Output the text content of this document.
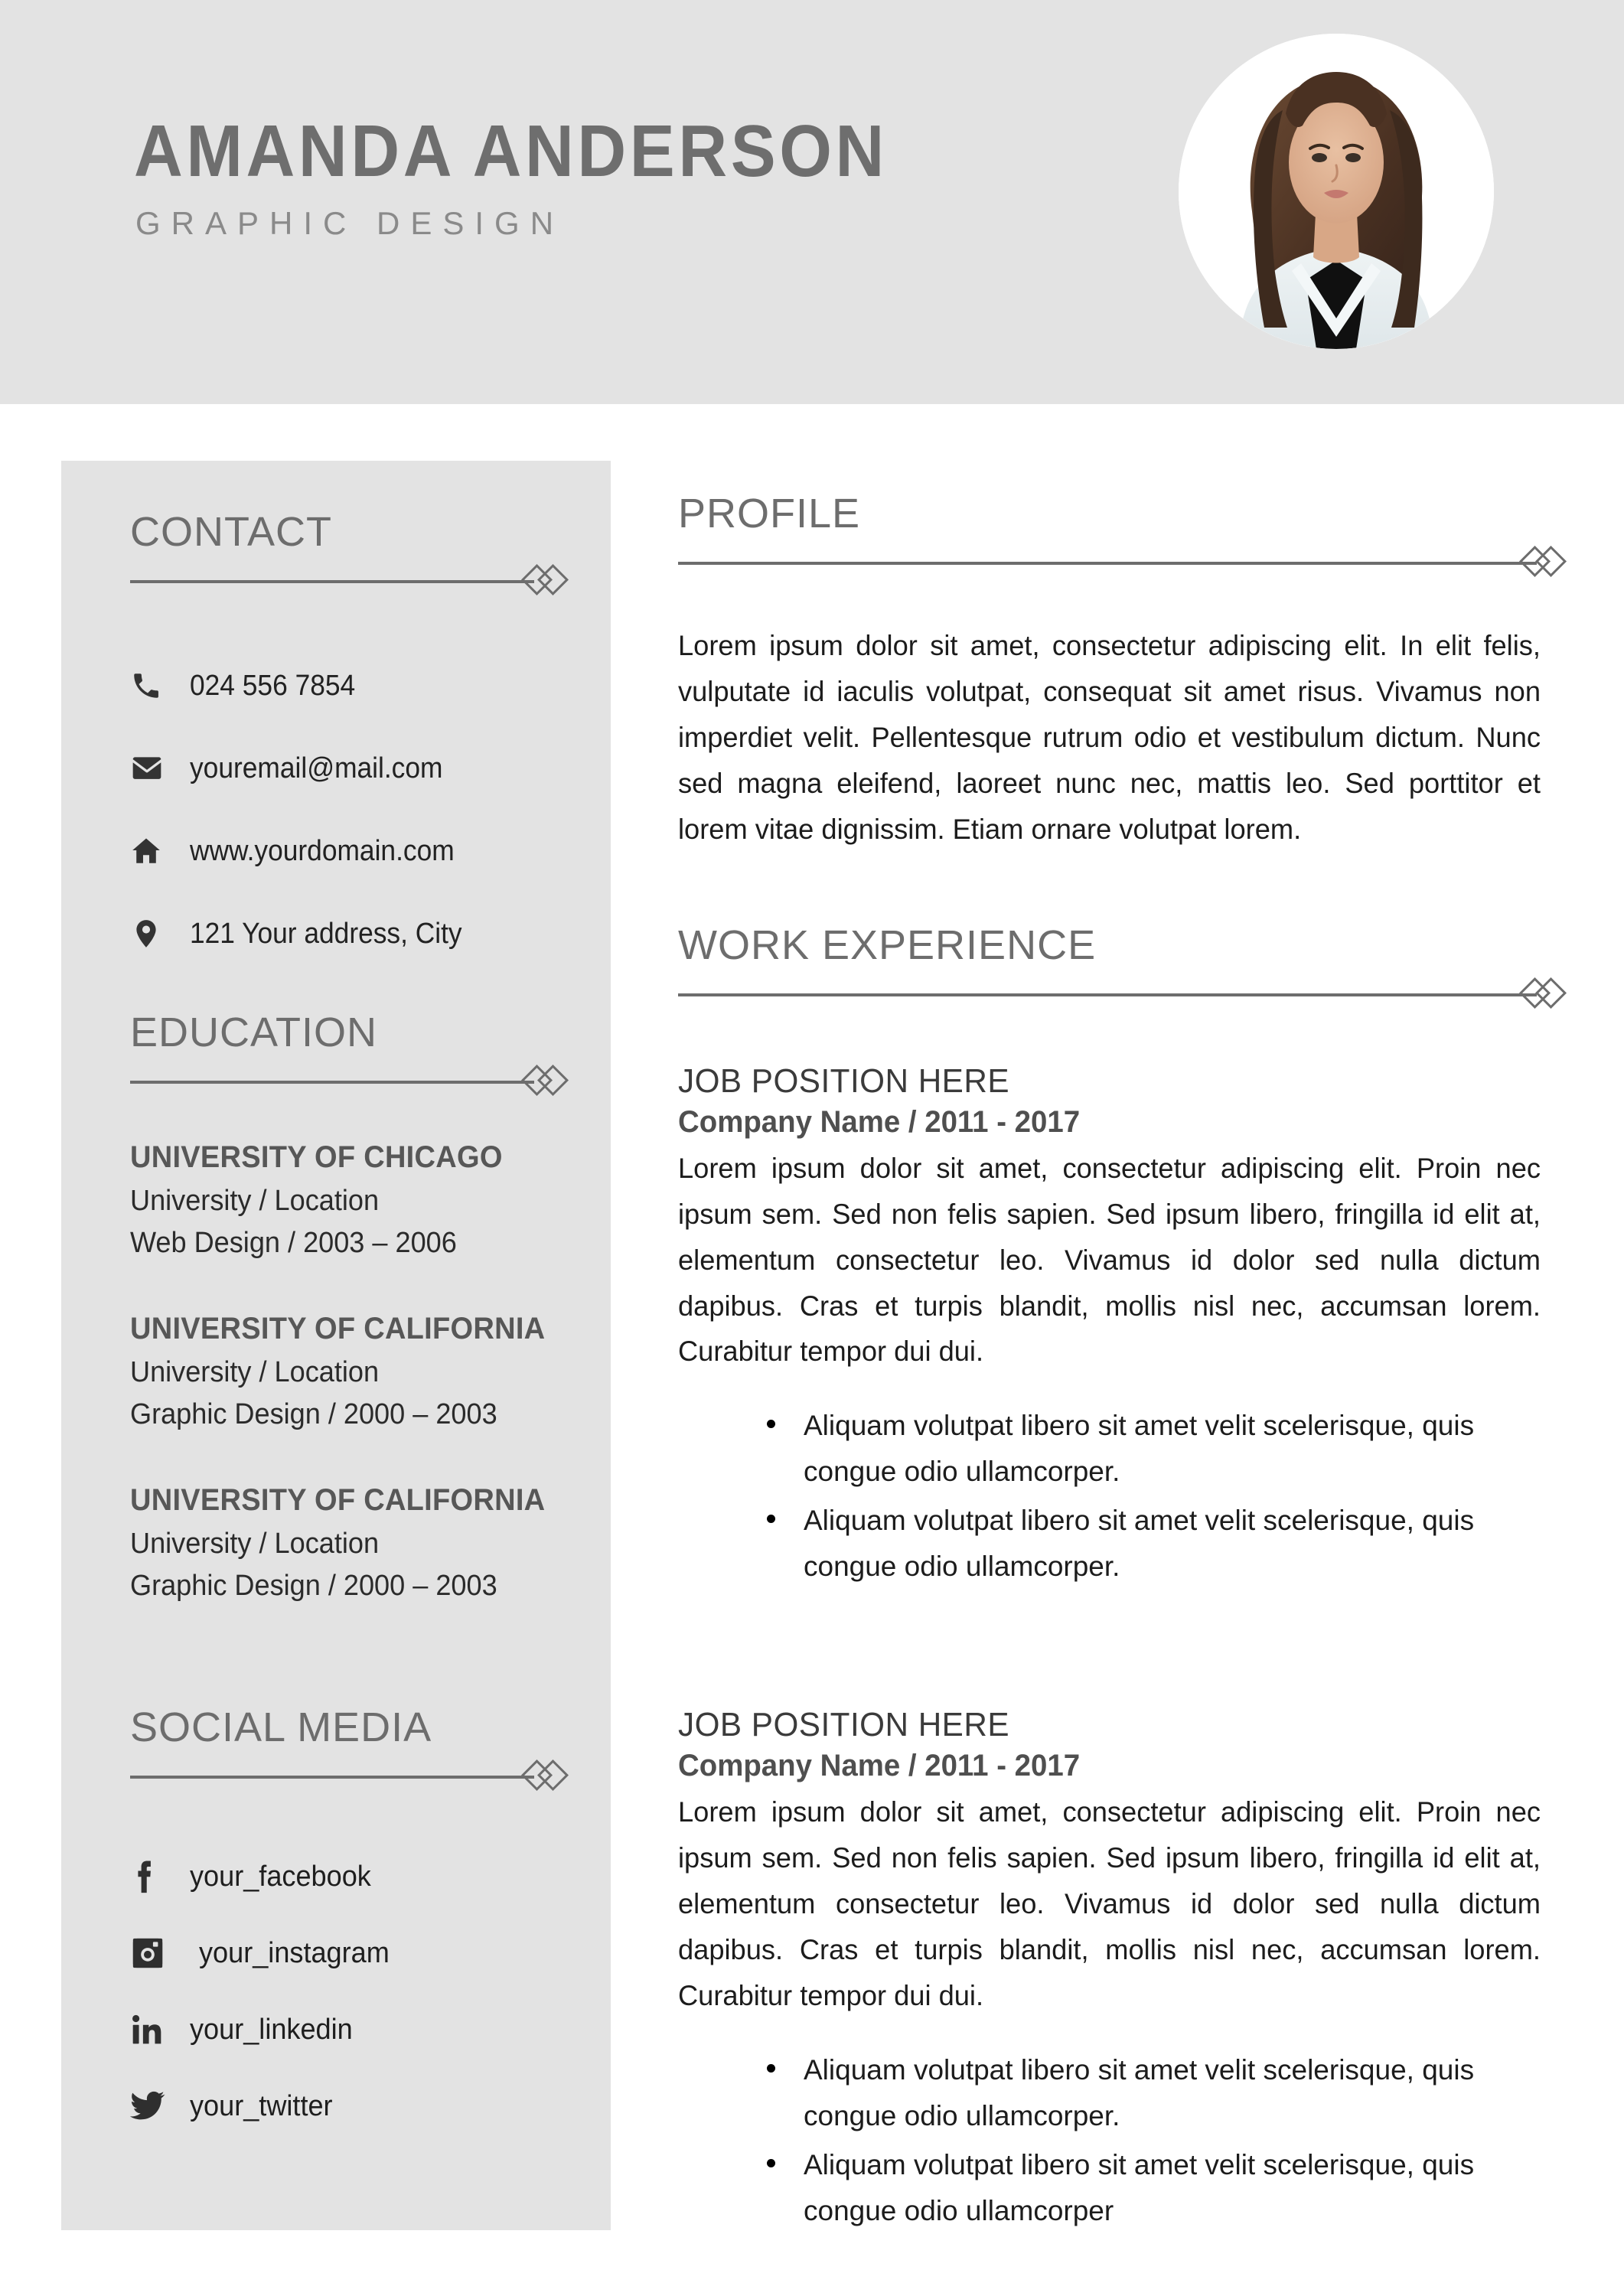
AMANDA ANDERSON
GRAPHIC DESIGN
CONTACT
024 556 7854
youremail@mail.com
www.yourdomain.com
121 Your address, City
EDUCATION
UNIVERSITY OF CHICAGO
University / Location
Web Design / 2003 – 2006
UNIVERSITY OF CALIFORNIA
University / Location
Graphic Design / 2000 – 2003
UNIVERSITY OF CALIFORNIA
University / Location
Graphic Design / 2000 – 2003
SOCIAL MEDIA
your_facebook
your_instagram
your_linkedin
your_twitter
PROFILE

Lorem ipsum dolor sit amet, consectetur adipiscing elit. In elit felis, vulputate id iaculis volutpat, consequat sit amet risus. Vivamus non imperdiet velit. Pellentesque rutrum odio et vestibulum dictum. Nunc sed magna eleifend, laoreet nunc nec, mattis leo. Sed porttitor et lorem vitae dignissim. Etiam ornare volutpat lorem.

WORK EXPERIENCE
JOB POSITION HERE
Company Name / 2011 - 2017

Lorem ipsum dolor sit amet, consectetur adipiscing elit. Proin nec ipsum sem. Sed non felis sapien. Sed ipsum libero, fringilla id elit at, elementum consectetur leo. Vivamus id dolor sed nulla dictum dapibus. Cras et turpis blandit, mollis nisl nec, accumsan lorem. Curabitur tempor dui dui.

Aliquam volutpat libero sit amet velit scelerisque, quis congue odio ullamcorper.
Aliquam volutpat libero sit amet velit scelerisque, quis congue odio ullamcorper.
JOB POSITION HERE
Company Name / 2011 - 2017

Lorem ipsum dolor sit amet, consectetur adipiscing elit. Proin nec ipsum sem. Sed non felis sapien. Sed ipsum libero, fringilla id elit at, elementum consectetur leo. Vivamus id dolor sed nulla dictum dapibus. Cras et turpis blandit, mollis nisl nec, accumsan lorem. Curabitur tempor dui dui.

Aliquam volutpat libero sit amet velit scelerisque, quis congue odio ullamcorper.
Aliquam volutpat libero sit amet velit scelerisque, quis congue odio ullamcorper
